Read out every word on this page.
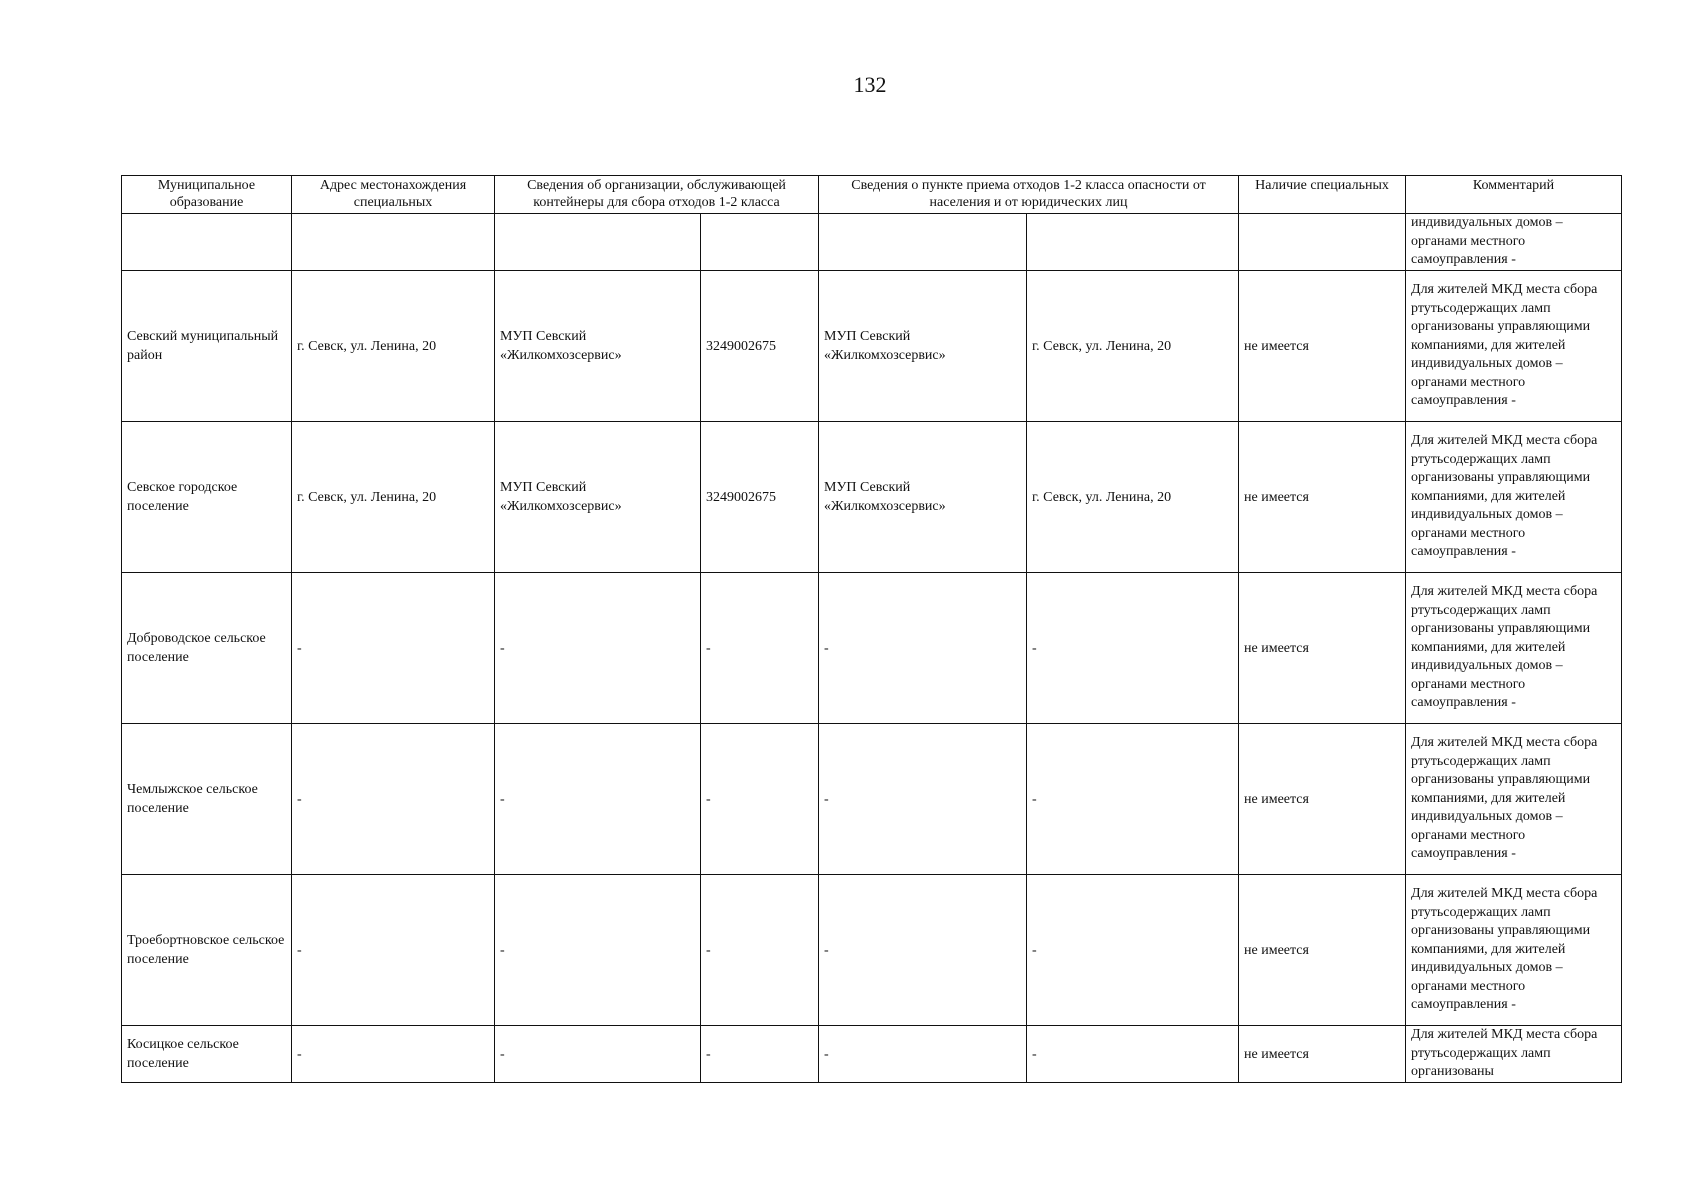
132
Муниципальное образование	Адрес местонахождения специальных	Сведения об организации, обслуживающей контейнеры для сбора отходов 1-2 класса		Сведения о пункте приема отходов 1-2 класса опасности от населения и от юридических лиц		Наличие специальных	Комментарий
							индивидуальных домов – органами местного самоуправления -
Севский муниципальный район	г. Севск, ул. Ленина, 20	МУП Севский «Жилкомхозсервис»	3249002675	МУП Севский «Жилкомхозсервис»	г. Севск, ул. Ленина, 20	не имеется	Для жителей МКД места сбора ртутьсодержащих ламп организованы управляющими компаниями, для жителей индивидуальных домов – органами местного самоуправления -
Севское городское поселение	г. Севск, ул. Ленина, 20	МУП Севский «Жилкомхозсервис»	3249002675	МУП Севский «Жилкомхозсервис»	г. Севск, ул. Ленина, 20	не имеется	Для жителей МКД места сбора ртутьсодержащих ламп организованы управляющими компаниями, для жителей индивидуальных домов – органами местного самоуправления -
Доброводское сельское поселение	-	-	-	-	-	не имеется	Для жителей МКД места сбора ртутьсодержащих ламп организованы управляющими компаниями, для жителей индивидуальных домов – органами местного самоуправления -
Чемлыжское сельское поселение	-	-	-	-	-	не имеется	Для жителей МКД места сбора ртутьсодержащих ламп организованы управляющими компаниями, для жителей индивидуальных домов – органами местного самоуправления -
Троебортновское сельское поселение	-	-	-	-	-	не имеется	Для жителей МКД места сбора ртутьсодержащих ламп организованы управляющими компаниями, для жителей индивидуальных домов – органами местного самоуправления -
Косицкое сельское поселение	-	-	-	-	-	не имеется	Для жителей МКД места сбора ртутьсодержащих ламп организованы
